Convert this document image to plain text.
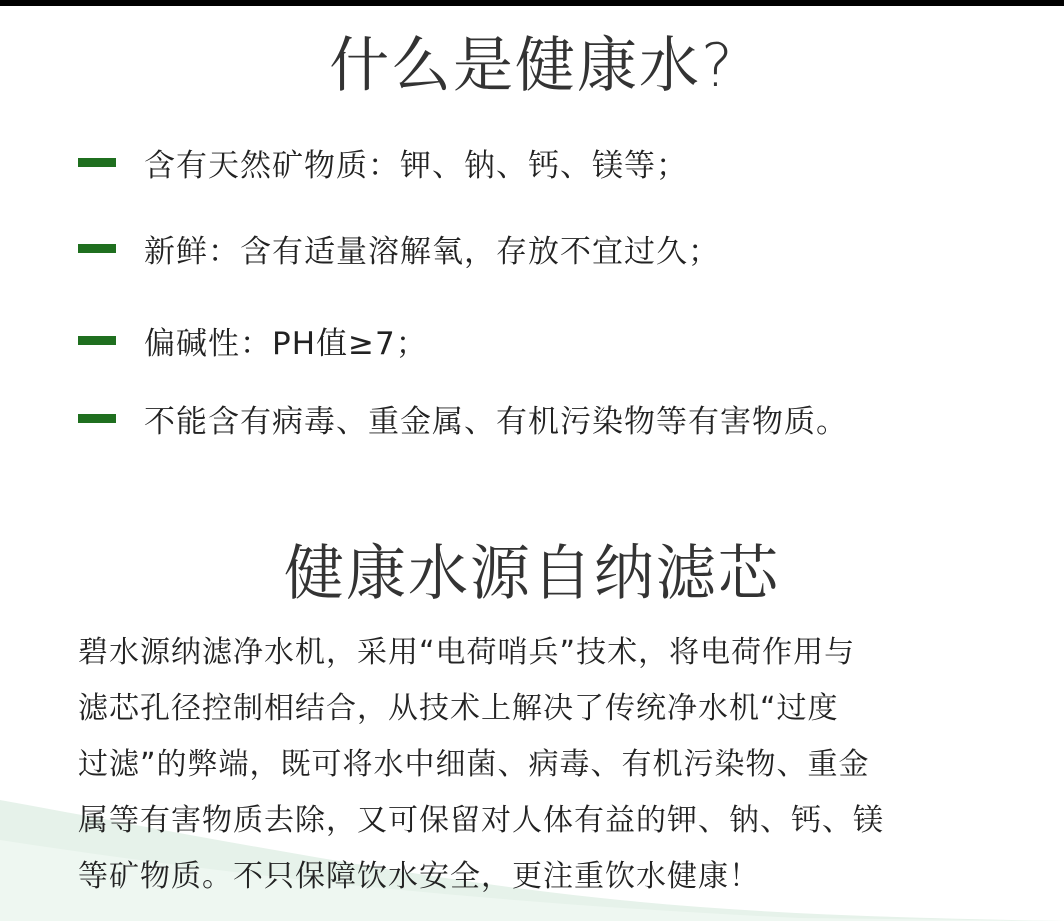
什么是健康水?
含有天然矿物质：钾、钠、钙、镁等；
新鲜：含有适量溶解氧，存放不宜过久；
偏碱性：PH值≥7；
不能含有病毒、重金属、有机污染物等有害物质。
健康水源自纳滤芯
碧水源纳滤净水机，采用“电荷哨兵”技术，将电荷作用与
滤芯孔径控制相结合，从技术上解决了传统净水机“过度
过滤”的弊端，既可将水中细菌、病毒、有机污染物、重金
属等有害物质去除，又可保留对人体有益的钾、钠、钙、镁
等矿物质。不只保障饮水安全，更注重饮水健康！
